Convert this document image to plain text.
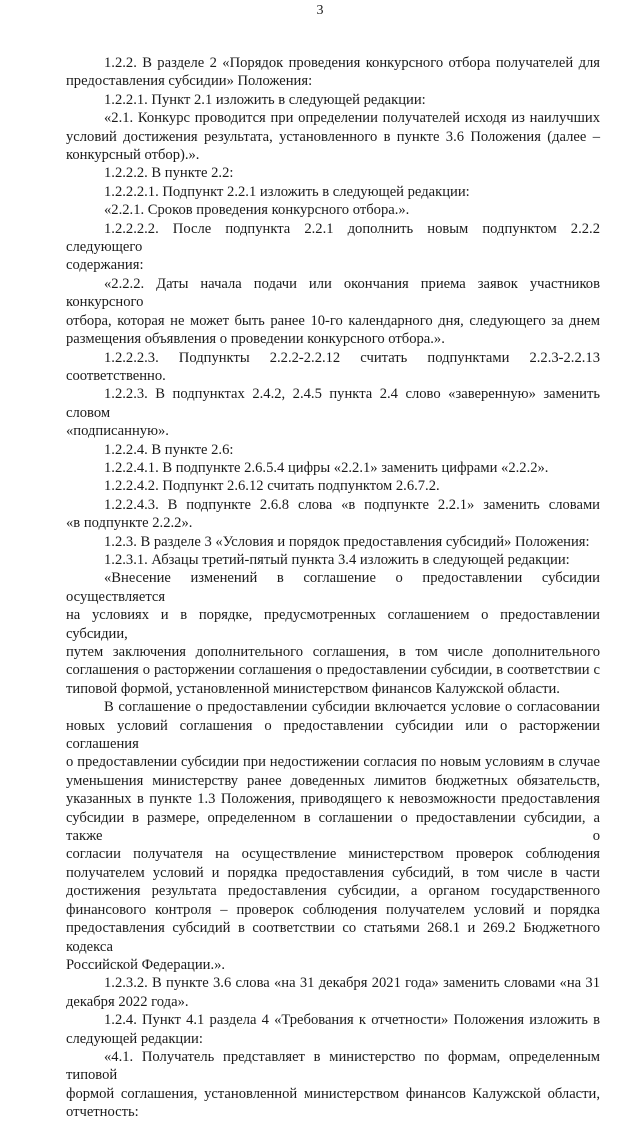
3
1.2.2. В разделе 2 «Порядок проведения конкурсного отбора получателей для
предоставления субсидии» Положения:
1.2.2.1. Пункт 2.1 изложить в следующей редакции:
«2.1. Конкурс проводится при определении получателей исходя из наилучших
условий достижения результата, установленного в пункте 3.6 Положения (далее –
конкурсный отбор).».
1.2.2.2. В пункте 2.2:
1.2.2.2.1. Подпункт 2.2.1 изложить в следующей редакции:
«2.2.1. Сроков проведения конкурсного отбора.».
1.2.2.2.2. После подпункта 2.2.1 дополнить новым подпунктом 2.2.2 следующего
содержания:
«2.2.2. Даты начала подачи или окончания приема заявок участников конкурсного
отбора, которая не может быть ранее 10-го календарного дня, следующего за днем
размещения объявления о проведении конкурсного отбора.».
1.2.2.2.3. Подпункты 2.2.2-2.2.12 считать подпунктами 2.2.3-2.2.13
соответственно.
1.2.2.3. В подпунктах 2.4.2, 2.4.5 пункта 2.4 слово «заверенную» заменить словом
«подписанную».
1.2.2.4. В пункте 2.6:
1.2.2.4.1. В подпункте 2.6.5.4 цифры «2.2.1» заменить цифрами «2.2.2».
1.2.2.4.2. Подпункт 2.6.12 считать подпунктом 2.6.7.2.
1.2.2.4.3. В подпункте 2.6.8 слова «в подпункте 2.2.1» заменить словами
«в подпункте 2.2.2».
1.2.3. В разделе 3 «Условия и порядок предоставления субсидий» Положения:
1.2.3.1. Абзацы третий-пятый пункта 3.4 изложить в следующей редакции:
«Внесение изменений в соглашение о предоставлении субсидии осуществляется
на условиях и в порядке, предусмотренных соглашением о предоставлении субсидии,
путем заключения дополнительного соглашения, в том числе дополнительного
соглашения о расторжении соглашения о предоставлении субсидии, в соответствии с
типовой формой, установленной министерством финансов Калужской области.
В соглашение о предоставлении субсидии включается условие о согласовании
новых условий соглашения о предоставлении субсидии или о расторжении соглашения
о предоставлении субсидии при недостижении согласия по новым условиям в случае
уменьшения министерству ранее доведенных лимитов бюджетных обязательств,
указанных в пункте 1.3 Положения, приводящего к невозможности предоставления
субсидии в размере, определенном в соглашении о предоставлении субсидии, а также о
согласии получателя на осуществление министерством проверок соблюдения
получателем условий и порядка предоставления субсидий, в том числе в части
достижения результата предоставления субсидии, а органом государственного
финансового контроля – проверок соблюдения получателем условий и порядка
предоставления субсидий в соответствии со статьями 268.1 и 269.2 Бюджетного кодекса
Российской Федерации.».
1.2.3.2. В пункте 3.6 слова «на 31 декабря 2021 года» заменить словами «на 31
декабря 2022 года».
1.2.4. Пункт 4.1 раздела 4 «Требования к отчетности» Положения изложить в
следующей редакции:
«4.1. Получатель представляет в министерство по формам, определенным типовой
формой соглашения, установленной министерством финансов Калужской области,
отчетность:
